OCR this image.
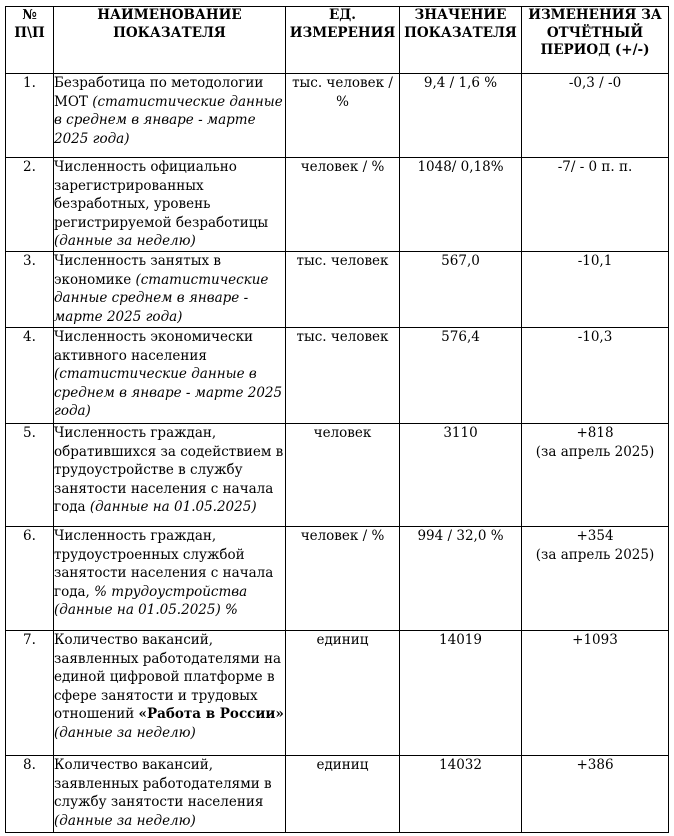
№ П\П	НАИМЕНОВАНИЕ ПОКАЗАТЕЛЯ	ЕД. ИЗМЕРЕНИЯ	ЗНАЧЕНИЕ ПОКАЗАТЕЛЯ	ИЗМЕНЕНИЯ ЗА ОТЧЁТНЫЙ ПЕРИОД (+/-)
1.	Безработица по методологии МОТ (статистические данные в среднем в январе - марте 2025 года)	тыс. человек / %	9,4 / 1,6 %	-0,3 / -0

2.	Численность официально зарегистрированных безработных, уровень регистрируемой безработицы (данные за неделю)	человек / %	1048/ 0,18%	-7/ - 0 п. п.

3.	Численность занятых в экономике (статистические данные среднем в январе - марте 2025 года)	тыс. человек	567,0	-10,1

4.	Численность экономически активного населения (статистические данные в среднем в январе - марте 2025 года)	тыс. человек	576,4	-10,3

5.	Численность граждан, обратившихся за содействием в трудоустройстве в службу занятости населения с начала года (данные на 01.05.2025)	человек	3110	+818
(за апрель 2025)

6.	Численность граждан, трудоустроенных службой занятости населения с начала года, % трудоустройства (данные на 01.05.2025) %	человек / %	994 / 32,0 %	+354
(за апрель 2025)

7.	Количество вакансий, заявленных работодателями на единой цифровой платформе в сфере занятости и трудовых отношений «Работа в России» (данные за неделю)	единиц	14019	+1093

8.	Количество вакансий, заявленных работодателями в службу занятости населения (данные за неделю)	единиц	14032	+386
